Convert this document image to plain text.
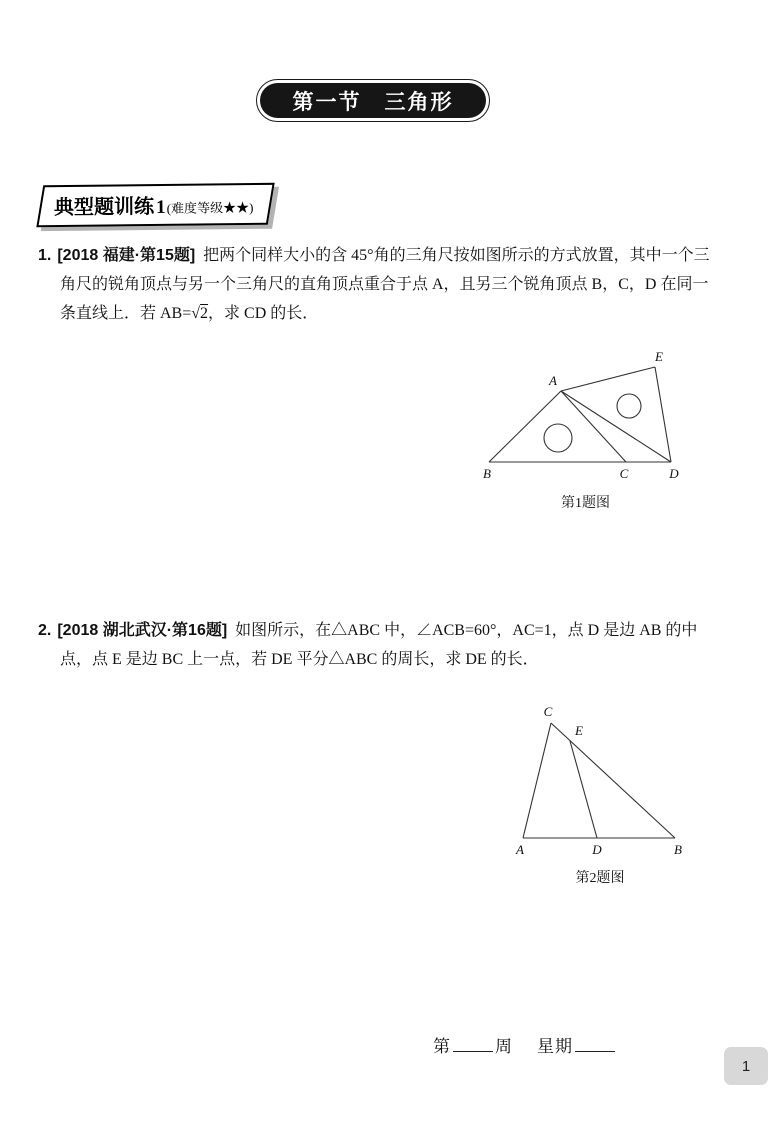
第一节　三角形
典型题训练 1 (难度等级★★)

1. [2018 福建·第15题] 把两个同样大小的含 45°角的三角尺按如图所示的方式放置，其中一个三角尺的锐角顶点与另一个三角尺的直角顶点重合于点 A，且另三个锐角顶点 B，C，D 在同一条直线上．若 AB=√2，求 CD 的长．

A
B	C	D
E
第1题图

2. [2018 湖北武汉·第16题] 如图所示，在△ABC 中，∠ACB=60°，AC=1，点 D 是边 AB 的中点，点 E 是边 BC 上一点，若 DE 平分△ABC 的周长，求 DE 的长．

C
E
A	D	B
第2题图
第	周 星期
1
